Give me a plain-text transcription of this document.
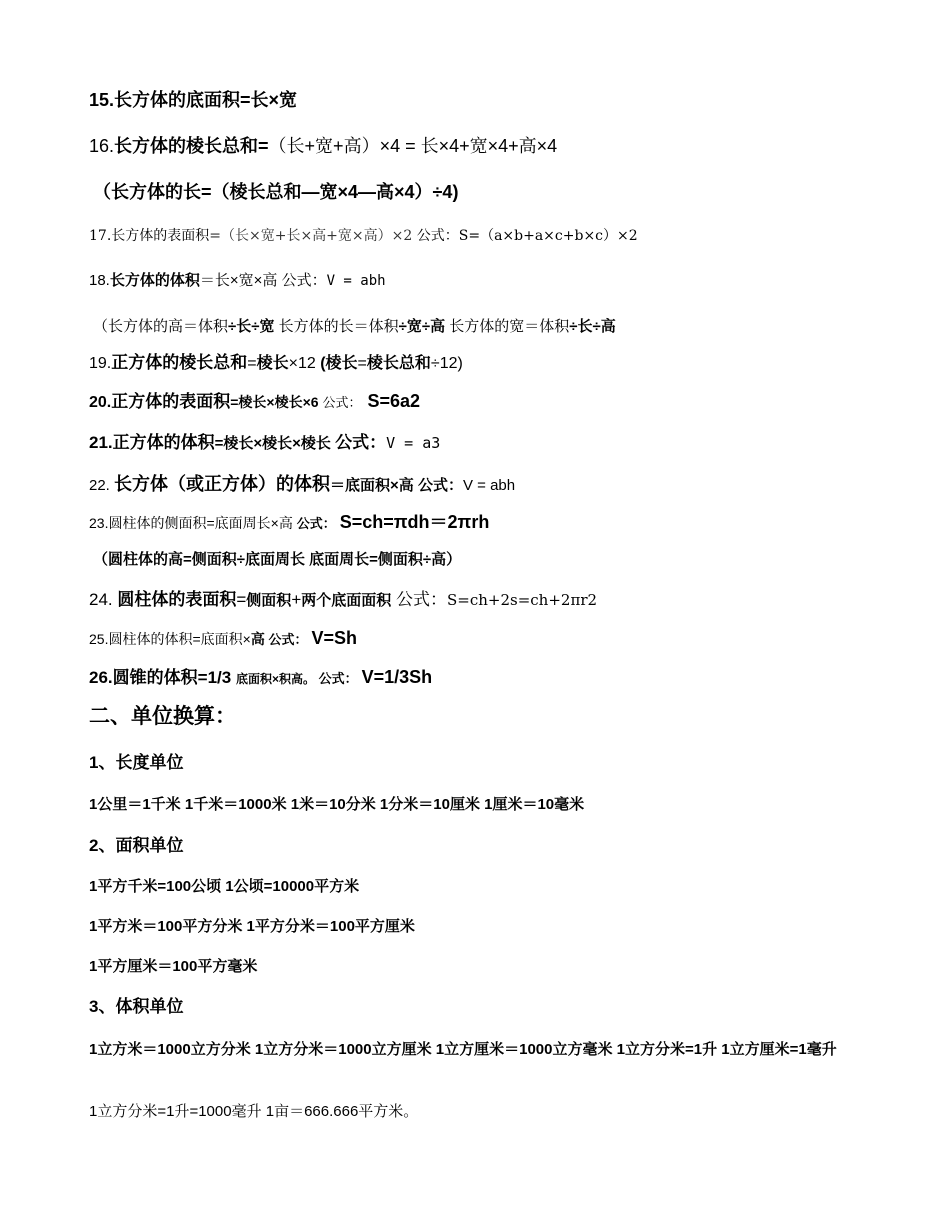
15.长方体的底面积=长×宽
16.长方体的棱长总和=（长+宽+高）×4 = 长×4+宽×4+高×4
（长方体的长=（棱长总和—宽×4—高×4）÷4)
17.长方体的表面积=（长×宽+长×高+宽×高）×2 公式：S=（a×b+a×c+b×c）×2
18.长方体的体积＝长×宽×高 公式：V = abh
（长方体的高＝体积÷长÷宽 长方体的长＝体积÷宽÷高 长方体的宽＝体积÷长÷高
19.正方体的棱长总和=棱长×12 (棱长=棱长总和÷12)
20.正方体的表面积=棱长×棱长×6 公式： S=6a2
21.正方体的体积=棱长×棱长×棱长 公式：V = a3
22. 长方体（或正方体）的体积＝底面积×高 公式：V = abh
23.圆柱体的侧面积=底面周长×高 公式： S=ch=πdh＝2πrh
（圆柱体的高=侧面积÷底面周长 底面周长=侧面积÷高）
24. 圆柱体的表面积=侧面积+两个底面面积 公式：S=ch+2s=ch+2πr2
25.圆柱体的体积=底面积×高 公式： V=Sh
26.圆锥的体积=1/3 底面积×积高。 公式： V=1/3Sh
二、单位换算：
1、长度单位
1公里＝1千米 1千米＝1000米 1米＝10分米 1分米＝10厘米 1厘米＝10毫米
2、面积单位
1平方千米=100公顷 1公顷=10000平方米
1平方米＝100平方分米 1平方分米＝100平方厘米
1平方厘米＝100平方毫米
3、体积单位
1立方米＝1000立方分米 1立方分米＝1000立方厘米 1立方厘米＝1000立方毫米 1立方分米=1升 1立方厘米=1毫升
1立方分米=1升=1000毫升 1亩＝666.666平方米。
